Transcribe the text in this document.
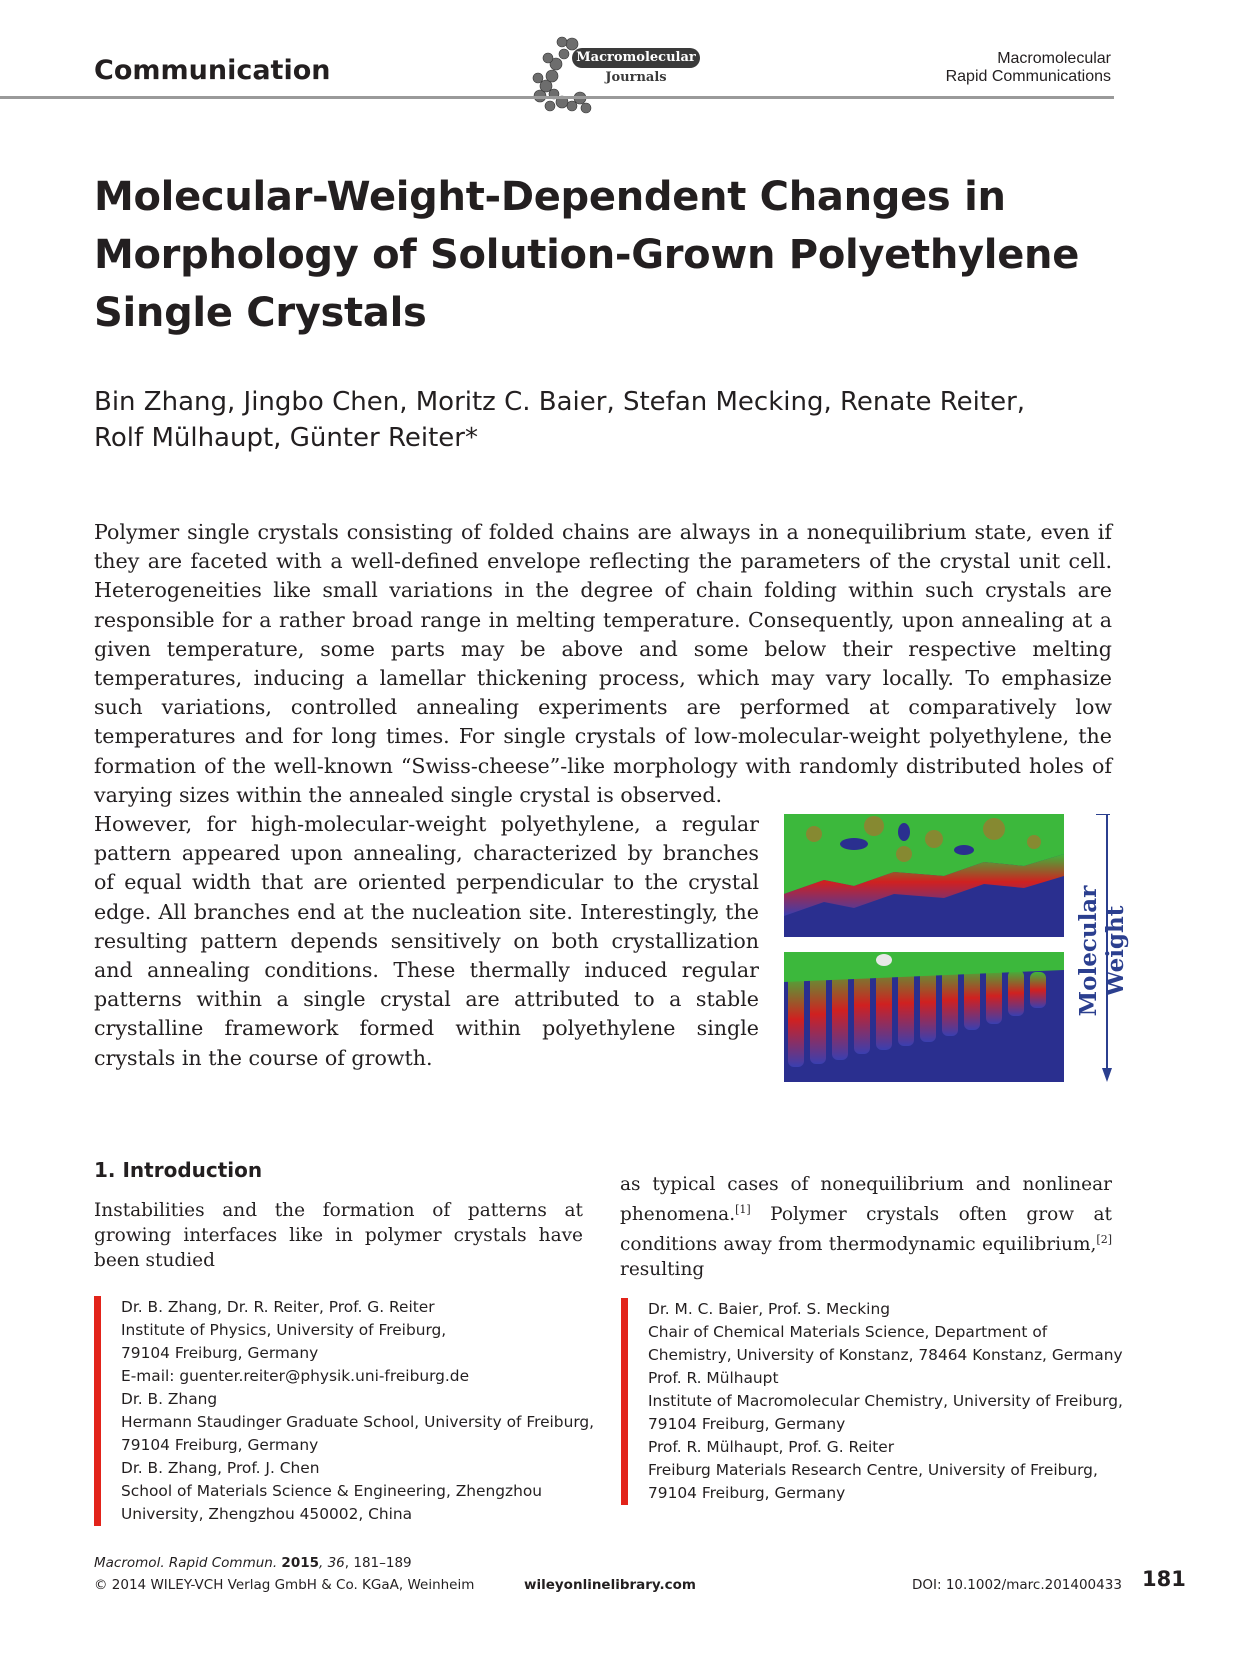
Communication	Macromolecular
Journals
Macromolecular
Rapid Communications
Molecular-Weight-Dependent Changes in Morphology of Solution-Grown Polyethylene Single Crystals
Bin Zhang, Jingbo Chen, Moritz C. Baier, Stefan Mecking, Renate Reiter,
Rolf Mülhaupt, Günter Reiter*

Polymer single crystals consisting of folded chains are always in a nonequilibrium state, even if they are faceted with a well-defined envelope reflecting the parameters of the crystal unit cell. Heterogeneities like small variations in the degree of chain folding within such crystals are responsible for a rather broad range in melting temperature. Consequently, upon annealing at a given temperature, some parts may be above and some below their respective melting temperatures, inducing a lamellar thickening process, which may vary locally. To emphasize such variations, controlled annealing experiments are performed at comparatively low temperatures and for long times. For single crystals of low-molecular-weight polyethylene, the formation of the well-known “Swiss-cheese”-like morphology with randomly distributed holes of varying sizes within the annealed single crystal is observed.

However, for high-molecular-weight polyethylene, a regular pattern appeared upon annealing, characterized by branches of equal width that are oriented perpendicular to the crystal edge. All branches end at the nucleation site. Interestingly, the resulting pattern depends sensitively on both crystallization and annealing conditions. These thermally induced regular patterns within a single crystal are attributed to a stable crystalline framework formed within polyethylene single crystals in the course of growth.

Molecular Weight
1. Introduction

Instabilities and the formation of patterns at growing interfaces like in polymer crystals have been studied

as typical cases of nonequilibrium and nonlinear phenomena.[1] Polymer crystals often grow at conditions away from thermodynamic equilibrium,[2] resulting

Dr. B. Zhang, Dr. R. Reiter, Prof. G. Reiter
Institute of Physics, University of Freiburg,
79104 Freiburg, Germany
E-mail: guenter.reiter@physik.uni-freiburg.de
Dr. B. Zhang
Hermann Staudinger Graduate School, University of Freiburg,
79104 Freiburg, Germany
Dr. B. Zhang, Prof. J. Chen
School of Materials Science & Engineering, Zhengzhou
University, Zhengzhou 450002, China
Dr. M. C. Baier, Prof. S. Mecking
Chair of Chemical Materials Science, Department of
Chemistry, University of Konstanz, 78464 Konstanz, Germany
Prof. R. Mülhaupt
Institute of Macromolecular Chemistry, University of Freiburg,
79104 Freiburg, Germany
Prof. R. Mülhaupt, Prof. G. Reiter
Freiburg Materials Research Centre, University of Freiburg,
79104 Freiburg, Germany
Macromol. Rapid Commun. 2015, 36, 181–189
© 2014 WILEY-VCH Verlag GmbH & Co. KGaA, Weinheim	wileyonlinelibrary.com	DOI: 10.1002/marc.201400433 181
